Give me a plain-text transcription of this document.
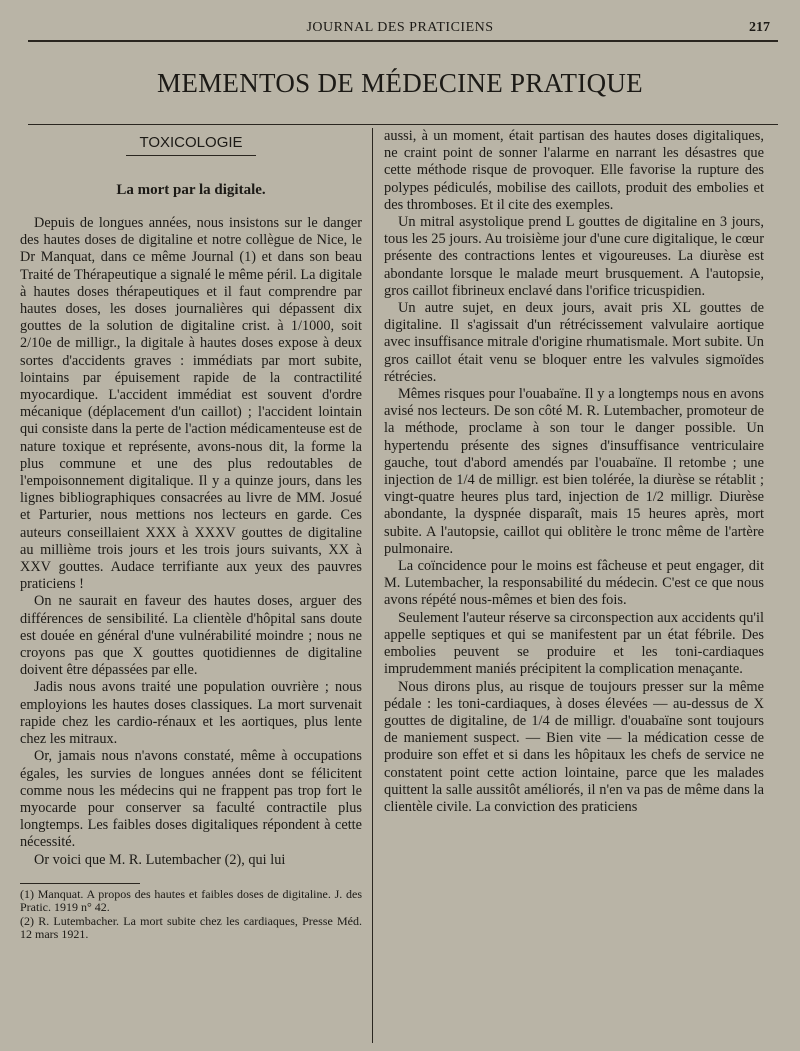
JOURNAL DES PRATICIENS	217
MEMENTOS DE MÉDECINE PRATIQUE
TOXICOLOGIE
La mort par la digitale.

Depuis de longues années, nous insistons sur le danger des hautes doses de digitaline et notre collègue de Nice, le Dr Manquat, dans ce même Journal (1) et dans son beau Traité de Thérapeutique a signalé le même péril. La digitale à hautes doses thérapeutiques et il faut comprendre par hautes doses, les doses journalières qui dépassent dix gouttes de la solution de digitaline crist. à 1/1000, soit 2/10e de milligr., la digitale à hautes doses expose à deux sortes d'accidents graves : immédiats par mort subite, lointains par épuisement rapide de la contractilité myocardique. L'accident immédiat est souvent d'ordre mécanique (déplacement d'un caillot) ; l'accident lointain qui consiste dans la perte de l'action médicamenteuse est de nature toxique et représente, avons-nous dit, la forme la plus commune et une des plus redoutables de l'empoisonnement digitalique. Il y a quinze jours, dans les lignes bibliographiques consacrées au livre de MM. Josué et Parturier, nous mettions nos lecteurs en garde. Ces auteurs conseillaient XXX à XXXV gouttes de digitaline au millième trois jours et les trois jours suivants, XX à XXV gouttes. Audace terrifiante aux yeux des pauvres praticiens !

On ne saurait en faveur des hautes doses, arguer des différences de sensibilité. La clientèle d'hôpital sans doute est douée en général d'une vulnérabilité moindre ; nous ne croyons pas que X gouttes quotidiennes de digitaline doivent être dépassées par elle.

Jadis nous avons traité une population ouvrière ; nous employions les hautes doses classiques. La mort survenait rapide chez les cardio-rénaux et les aortiques, plus lente chez les mitraux.

Or, jamais nous n'avons constaté, même à occupations égales, les survies de longues années dont se félicitent comme nous les médecins qui ne frappent pas trop fort le myocarde pour conserver sa faculté contractile plus longtemps. Les faibles doses digitaliques répondent à cette nécessité.

Or voici que M. R. Lutembacher (2), qui lui

(1) Manquat. A propos des hautes et faibles doses de digitaline. J. des Pratic. 1919 n° 42.

(2) R. Lutembacher. La mort subite chez les cardiaques, Presse Méd. 12 mars 1921.

aussi, à un moment, était partisan des hautes doses digitaliques, ne craint point de sonner l'alarme en narrant les désastres que cette méthode risque de provoquer. Elle favorise la rupture des polypes pédiculés, mobilise des caillots, produit des embolies et des thromboses. Et il cite des exemples.

Un mitral asystolique prend L gouttes de digitaline en 3 jours, tous les 25 jours. Au troisième jour d'une cure digitalique, le cœur présente des contractions lentes et vigoureuses. La diurèse est abondante lorsque le malade meurt brusquement. A l'autopsie, gros caillot fibrineux enclavé dans l'orifice tricuspidien.

Un autre sujet, en deux jours, avait pris XL gouttes de digitaline. Il s'agissait d'un rétrécissement valvulaire aortique avec insuffisance mitrale d'origine rhumatismale. Mort subite. Un gros caillot était venu se bloquer entre les valvules sigmoïdes rétrécies.

Mêmes risques pour l'ouabaïne. Il y a longtemps nous en avons avisé nos lecteurs. De son côté M. R. Lutembacher, promoteur de la méthode, proclame à son tour le danger possible. Un hypertendu présente des signes d'insuffisance ventriculaire gauche, tout d'abord amendés par l'ouabaïne. Il retombe ; une injection de 1/4 de milligr. est bien tolérée, la diurèse se rétablit ; vingt-quatre heures plus tard, injection de 1/2 milligr. Diurèse abondante, la dyspnée disparaît, mais 15 heures après, mort subite. A l'autopsie, caillot qui oblitère le tronc même de l'artère pulmonaire.

La coïncidence pour le moins est fâcheuse et peut engager, dit M. Lutembacher, la responsabilité du médecin. C'est ce que nous avons répété nous-mêmes et bien des fois.

Seulement l'auteur réserve sa circonspection aux accidents qu'il appelle septiques et qui se manifestent par un état fébrile. Des embolies peuvent se produire et les toni-cardiaques imprudemment maniés précipitent la complication menaçante.

Nous dirons plus, au risque de toujours presser sur la même pédale : les toni-cardiaques, à doses élevées — au-dessus de X gouttes de digitaline, de 1/4 de milligr. d'ouabaïne sont toujours de maniement suspect. — Bien vite — la médication cesse de produire son effet et si dans les hôpitaux les chefs de service ne constatent point cette action lointaine, parce que les malades quittent la salle aussitôt améliorés, il n'en va pas de même dans la clientèle civile. La conviction des praticiens
